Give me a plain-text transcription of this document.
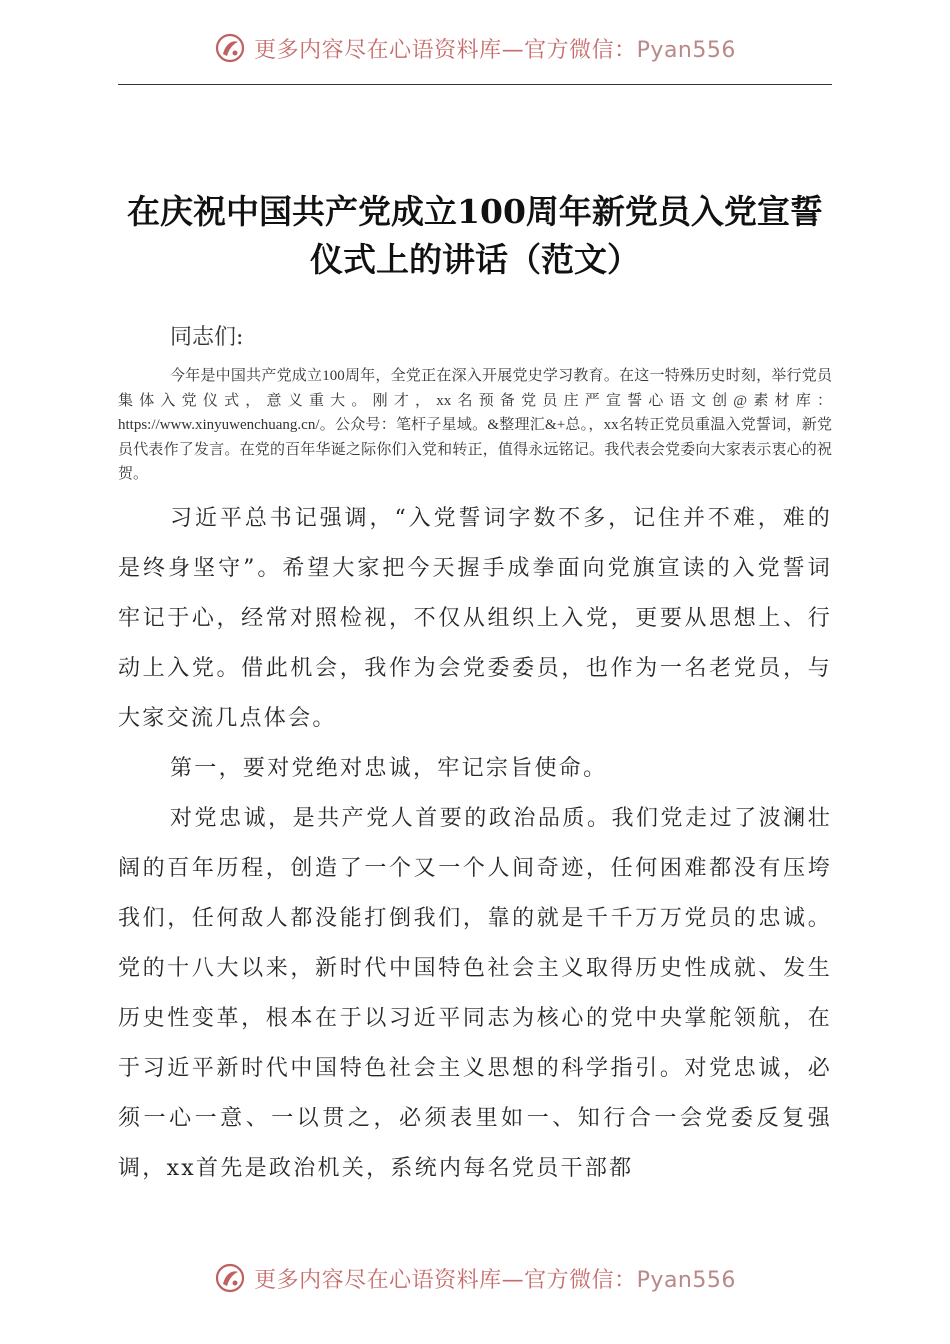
更多内容尽在心语资料库—官方微信：Pyan556
在庆祝中国共产党成立100周年新党员入党宣誓仪式上的讲话（范文）

同志们:

今年是中国共产党成立100周年，全党正在深入开展党史学习教育。在这一特殊历史时刻，举行党员集体入党仪式，意义重大。刚才，xx名预备党员庄严宣誓心语文创@素材库：https://www.xinyuwenchuang.cn/。公众号：笔杆子星域。&整理汇&+总。，xx名转正党员重温入党誓词，新党员代表作了发言。在党的百年华诞之际你们入党和转正，值得永远铭记。我代表会党委向大家表示衷心的祝贺。

习近平总书记强调，“入党誓词字数不多，记住并不难，难的是终身坚守”。希望大家把今天握手成拳面向党旗宣读的入党誓词牢记于心，经常对照检视，不仅从组织上入党，更要从思想上、行动上入党。借此机会，我作为会党委委员，也作为一名老党员，与大家交流几点体会。

第一，要对党绝对忠诚，牢记宗旨使命。

对党忠诚，是共产党人首要的政治品质。我们党走过了波澜壮阔的百年历程，创造了一个又一个人间奇迹，任何困难都没有压垮我们，任何敌人都没能打倒我们，靠的就是千千万万党员的忠诚。党的十八大以来，新时代中国特色社会主义取得历史性成就、发生历史性变革，根本在于以习近平同志为核心的党中央掌舵领航，在于习近平新时代中国特色社会主义思想的科学指引。对党忠诚，必须一心一意、一以贯之，必须表里如一、知行合一会党委反复强调，xx首先是政治机关，系统内每名党员干部都

更多内容尽在心语资料库—官方微信：Pyan556
